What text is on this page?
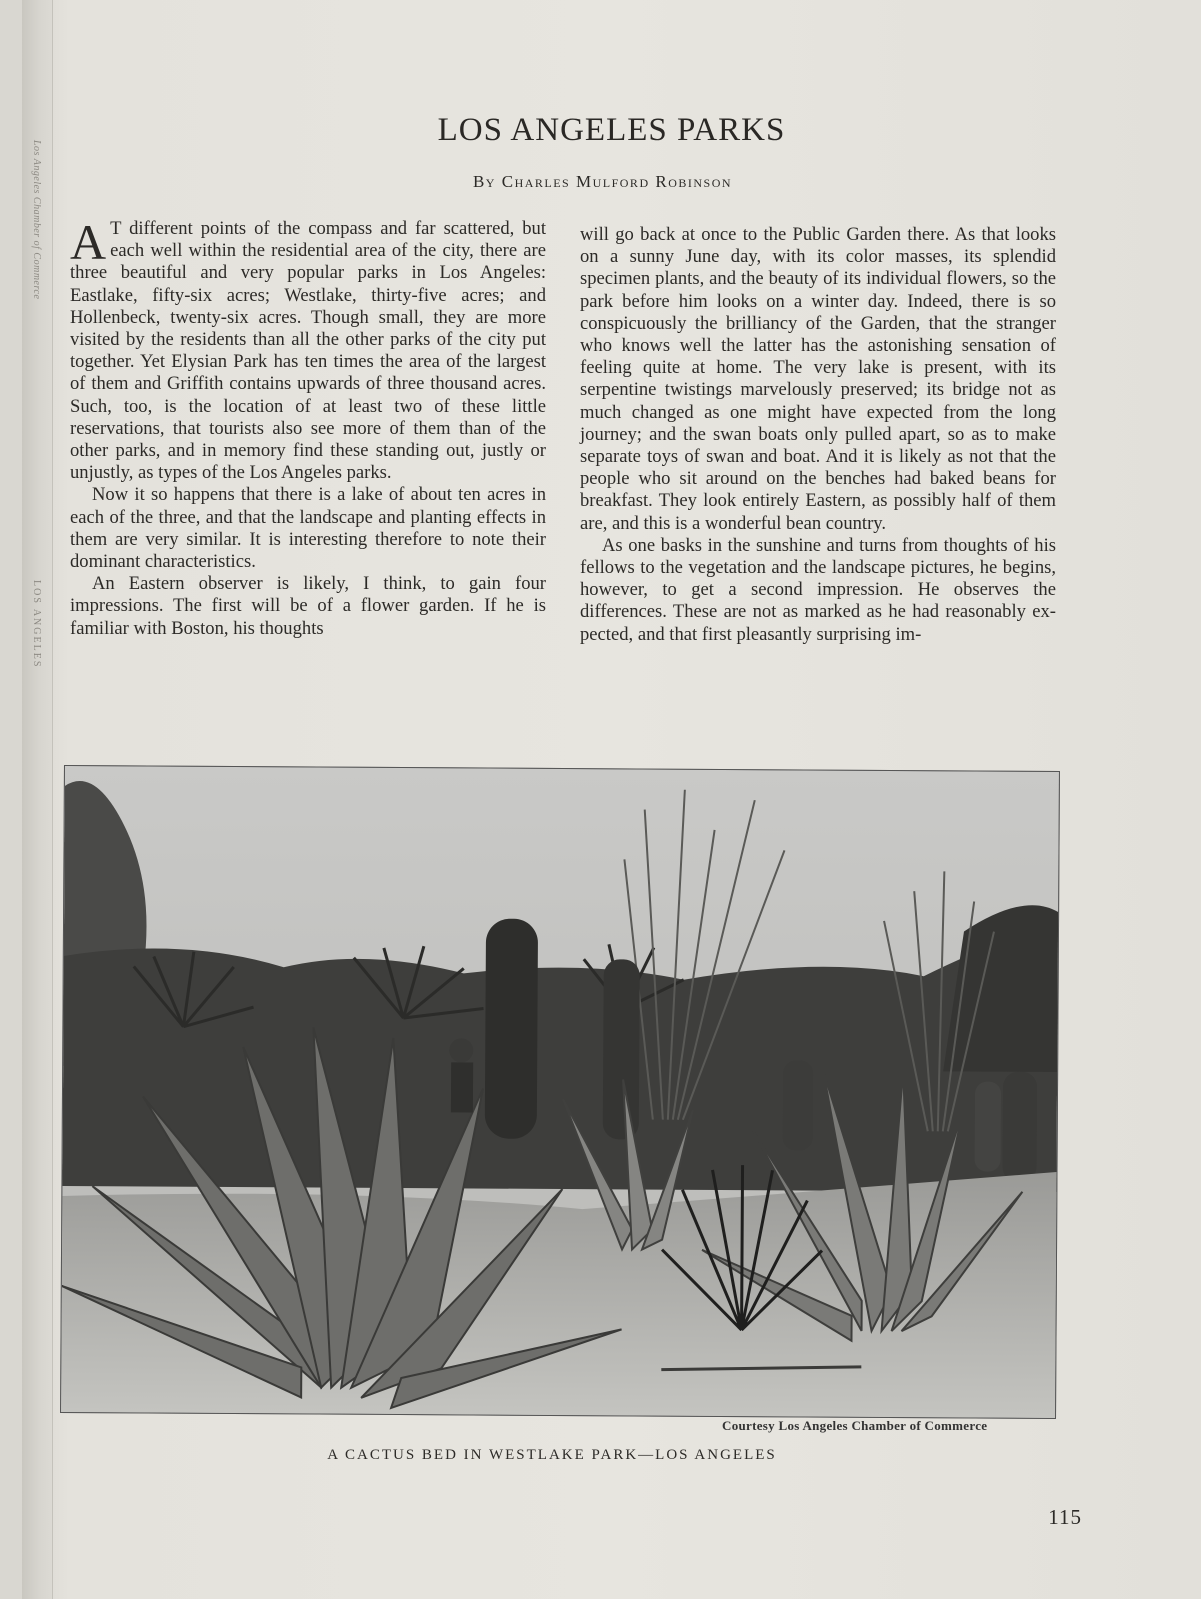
Los Angeles Chamber of Commerce
LOS ANGELES
LOS ANGELES PARKS

By Charles Mulford Robinson

A T different points of the compass and far scattered, but each well within the residential area of the city, there are three beautiful and very popular parks in Los Angeles: Eastlake, fifty-six acres; Westlake, thirty-five acres; and Hollenbeck, twenty-six acres. Though small, they are more visited by the residents than all the other parks of the city put together. Yet Elysian Park has ten times the area of the largest of them and Griffith contains upwards of three thousand acres. Such, too, is the location of at least two of these little reservations, that tourists also see more of them than of the other parks, and in memory find these standing out, justly or unjustly, as types of the Los Angeles parks.

Now it so happens that there is a lake of about ten acres in each of the three, and that the landscape and planting effects in them are very similar. It is interesting therefore to note their dominant characteristics.

An Eastern observer is likely, I think, to gain four impressions. The first will be of a flower garden. If he is familiar with Boston, his thoughts

will go back at once to the Public Garden there. As that looks on a sunny June day, with its color masses, its splendid specimen plants, and the beauty of its individual flowers, so the park before him looks on a winter day. Indeed, there is so conspicuously the brilliancy of the Garden, that the stranger who knows well the latter has the astonishing sensation of feeling quite at home. The very lake is present, with its serpentine twistings marvelously preserved; its bridge not as much changed as one might have expected from the long journey; and the swan boats only pulled apart, so as to make separate toys of swan and boat. And it is likely as not that the people who sit around on the benches had baked beans for breakfast. They look entirely Eastern, as possibly half of them are, and this is a wonderful bean country.

As one basks in the sunshine and turns from thoughts of his fellows to the vegetation and the landscape pictures, he begins, however, to get a second impression. He observes the differences. These are not as marked as he had reasonably expected, and that first pleasantly surprising im-

Courtesy Los Angeles Chamber of Commerce
A CACTUS BED IN WESTLAKE PARK—LOS ANGELES
115
